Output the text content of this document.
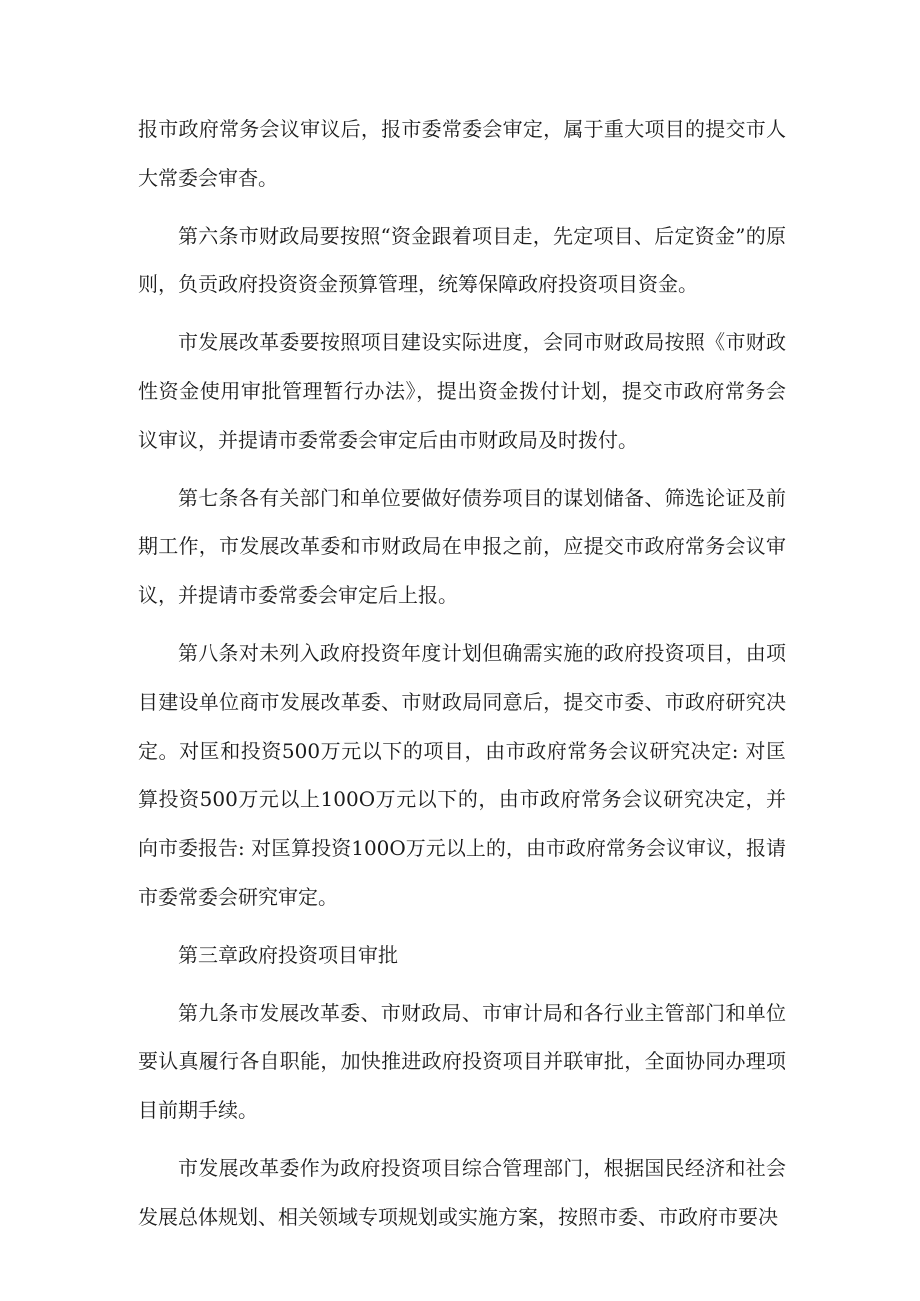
报市政府常务会议审议后，报市委常委会审定，属于重大项目的提交市人大常委会审杳。

第六条市财政局要按照“资金跟着项目走，先定项目、后定资金”的原则，负贡政府投资资金预算管理，统筹保障政府投资项目资金。

市发展改革委要按照项目建设实际进度，会同市财政局按照《市财政性资金使用审批管理暂行办法》，提出资金拨付计划，提交市政府常务会议审议，并提请市委常委会审定后由市财政局及时拨付。

第七条各有关部门和单位要做好债券项目的谋划储备、筛选论证及前期工作，市发展改革委和市财政局在申报之前，应提交市政府常务会议审议，并提请市委常委会审定后上报。

第八条对未列入政府投资年度计划但确需实施的政府投资项目，由项目建设单位商市发展改革委、市财政局同意后，提交市委、市政府研究决定。对匡和投资500万元以下的项目，由市政府常务会议研究决定: 对匡算投资500万元以上100O万元以下的，由市政府常务会议研究决定，并向市委报告: 对匡算投资100O万元以上的，由市政府常务会议审议，报请市委常委会研究审定。

第三章政府投资项目审批

第九条市发展改革委、市财政局、市审计局和各行业主管部门和单位要认真履行各自职能，加快推进政府投资项目并联审批，全面协同办理项目前期手续。

市发展改革委作为政府投资项目综合管理部门，根据国民经济和社会发展总体规划、相关领域专项规划或实施方案，按照市委、市政府市要决
